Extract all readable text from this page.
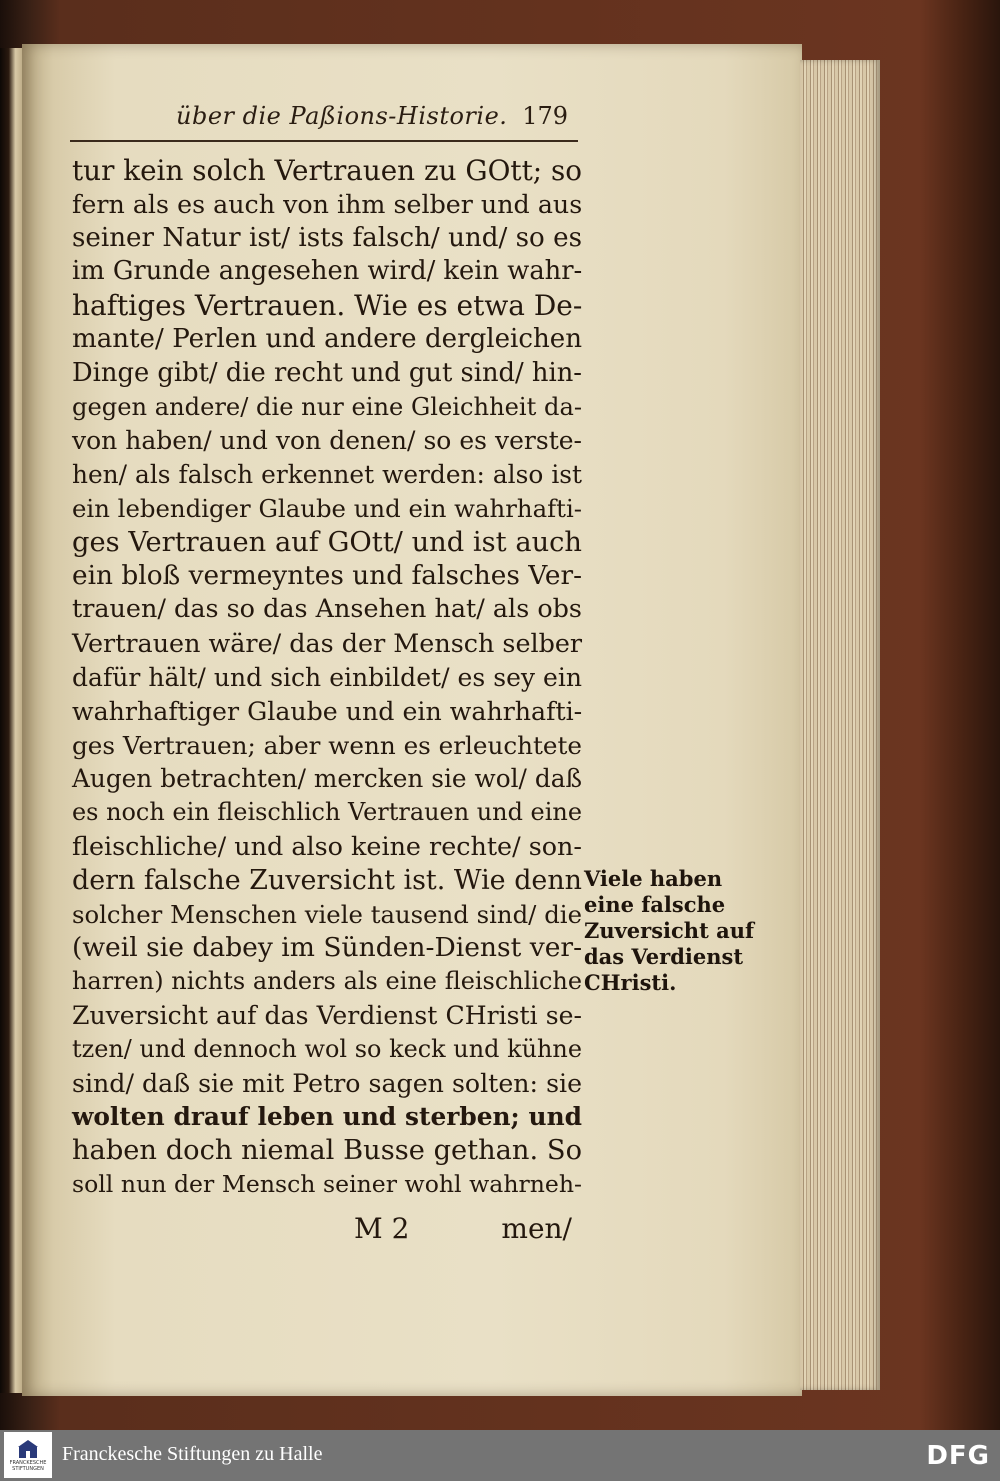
über die Paßions-Historie. 179
tur kein solch Vertrauen zu GOtt; so
fern als es auch von ihm selber und aus
seiner Natur ist/ ists falsch/ und/ so es
im Grunde angesehen wird/ kein wahr-
haftiges Vertrauen. Wie es etwa De-
mante/ Perlen und andere dergleichen
Dinge gibt/ die recht und gut sind/ hin-
gegen andere/ die nur eine Gleichheit da-
von haben/ und von denen/ so es verste-
hen/ als falsch erkennet werden: also ist
ein lebendiger Glaube und ein wahrhafti-
ges Vertrauen auf GOtt/ und ist auch
ein bloß vermeyntes und falsches Ver-
trauen/ das so das Ansehen hat/ als obs
Vertrauen wäre/ das der Mensch selber
dafür hält/ und sich einbildet/ es sey ein
wahrhaftiger Glaube und ein wahrhafti-
ges Vertrauen; aber wenn es erleuchtete
Augen betrachten/ mercken sie wol/ daß
es noch ein fleischlich Vertrauen und eine
fleischliche/ und also keine rechte/ son-
dern falsche Zuversicht ist. Wie denn
solcher Menschen viele tausend sind/ die
(weil sie dabey im Sünden-Dienst ver-
harren) nichts anders als eine fleischliche
Zuversicht auf das Verdienst CHristi se-
tzen/ und dennoch wol so keck und kühne
sind/ daß sie mit Petro sagen solten: sie
wolten drauf leben und sterben; und
haben doch niemal Busse gethan. So
soll nun der Mensch seiner wohl wahrneh-
Viele haben
eine falsche
Zuversicht auf
das Verdienst
CHristi.
M 2	men/
FRANCKESCHE STIFTUNGEN
Franckesche Stiftungen zu Halle	DFG
